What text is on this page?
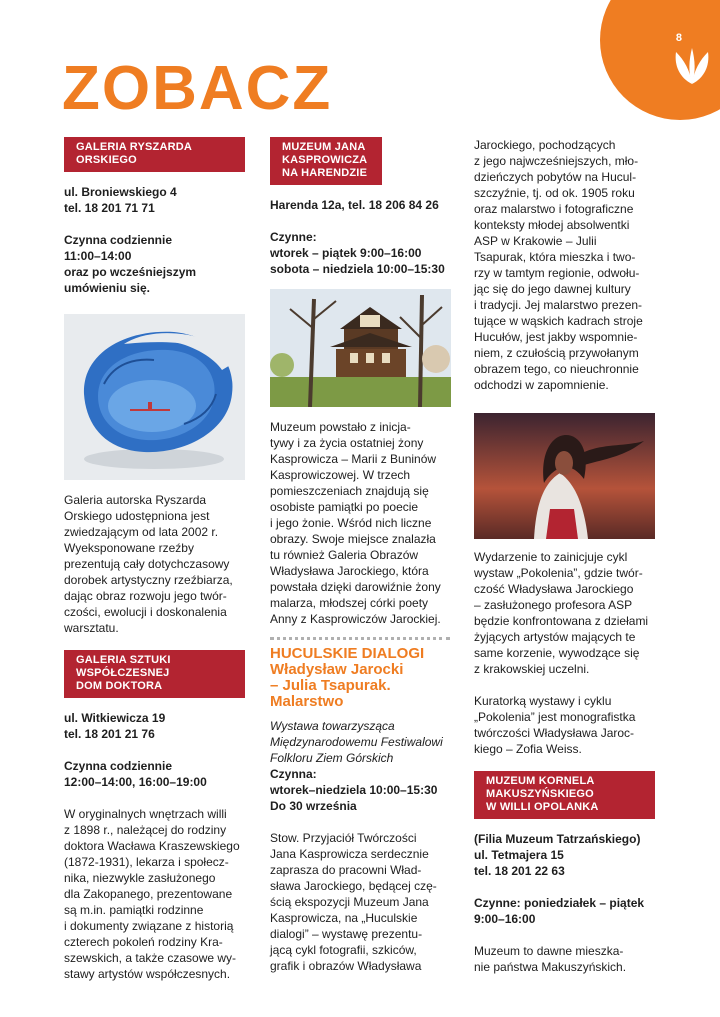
8
ZOBACZ
GALERIA RYSZARDA
ORSKIEGO
ul. Broniewskiego 4
tel. 18 201 71 71
Czynna codziennie
11:00–14:00
oraz po wcześniejszym
umówieniu się.
Galeria autorska Ryszarda
Orskiego udostępniona jest
zwiedzającym od lata 2002 r.
Wyeksponowane rzeźby
prezentują cały dotychczasowy
dorobek artystyczny rzeźbiarza,
dając obraz rozwoju jego twór-
czości, ewolucji i doskonalenia
warsztatu.
GALERIA SZTUKI
WSPÓŁCZESNEJ
DOM DOKTORA
ul. Witkiewicza 19
tel. 18 201 21 76
Czynna codziennie
12:00–14:00, 16:00–19:00
W oryginalnych wnętrzach willi
z 1898 r., należącej do rodziny
doktora Wacława Kraszewskiego
(1872-1931), lekarza i społecz-
nika, niezwykle zasłużonego
dla Zakopanego, prezentowane
są m.in. pamiątki rodzinne
i dokumenty związane z historią
czterech pokoleń rodziny Kra-
szewskich, a także czasowe wy-
stawy artystów współczesnych.
MUZEUM JANA
KASPROWICZA
NA HARENDZIE
Harenda 12a, tel. 18 206 84 26
Czynne:
wtorek – piątek 9:00–16:00
sobota – niedziela 10:00–15:30
Muzeum powstało z inicja-
tywy i za życia ostatniej żony
Kasprowicza – Marii z Buninów
Kasprowiczowej. W trzech
pomieszczeniach znajdują się
osobiste pamiątki po poecie
i jego żonie. Wśród nich liczne
obrazy. Swoje miejsce znalazła
tu również Galeria Obrazów
Władysława Jarockiego, która
powstała dzięki darowiźnie żony
malarza, młodszej córki poety
Anny z Kasprowiczów Jarockiej.
HUCULSKIE DIALOGI
Władysław Jarocki
– Julia Tsapurak.
Malarstwo
Wystawa towarzysząca
Międzynarodowemu Festiwalowi
Folkloru Ziem Górskich
Czynna:
wtorek–niedziela 10:00–15:30
Do 30 września
Stow. Przyjaciół Twórczości
Jana Kasprowicza serdecznie
zaprasza do pracowni Wład-
sława Jarockiego, będącej czę-
ścią ekspozycji Muzeum Jana
Kasprowicza, na „Huculskie
dialogi” – wystawę prezentu-
jącą cykl fotografii, szkiców,
grafik i obrazów Władysława
Jarockiego, pochodzących
z jego najwcześniejszych, mło-
dzieńczych pobytów na Hucul-
szczyźnie, tj. od ok. 1905 roku
oraz malarstwo i fotograficzne
konteksty młodej absolwentki
ASP w Krakowie – Julii
Tsapurak, która mieszka i two-
rzy w tamtym regionie, odwołu-
jąc się do jego dawnej kultury
i tradycji. Jej malarstwo prezen-
tujące w wąskich kadrach stroje
Hucułów, jest jakby wspomnie-
niem, z czułością przywołanym
obrazem tego, co nieuchronnie
odchodzi w zapomnienie.
Wydarzenie to zainicjuje cykl
wystaw „Pokolenia”, gdzie twór-
czość Władysława Jarockiego
– zasłużonego profesora ASP
będzie konfrontowana z dziełami
żyjących artystów mających te
same korzenie, wywodzące się
z krakowskiej uczelni.
Kuratorką wystawy i cyklu
„Pokolenia” jest monografistka
twórczości Władysława Jaroc-
kiego – Zofia Weiss.
MUZEUM KORNELA
MAKUSZYŃSKIEGO
W WILLI OPOLANKA
(Filia Muzeum Tatrzańskiego)
ul. Tetmajera 15
tel. 18 201 22 63
Czynne: poniedziałek – piątek
9:00–16:00
Muzeum to dawne mieszka-
nie państwa Makuszyńskich.
